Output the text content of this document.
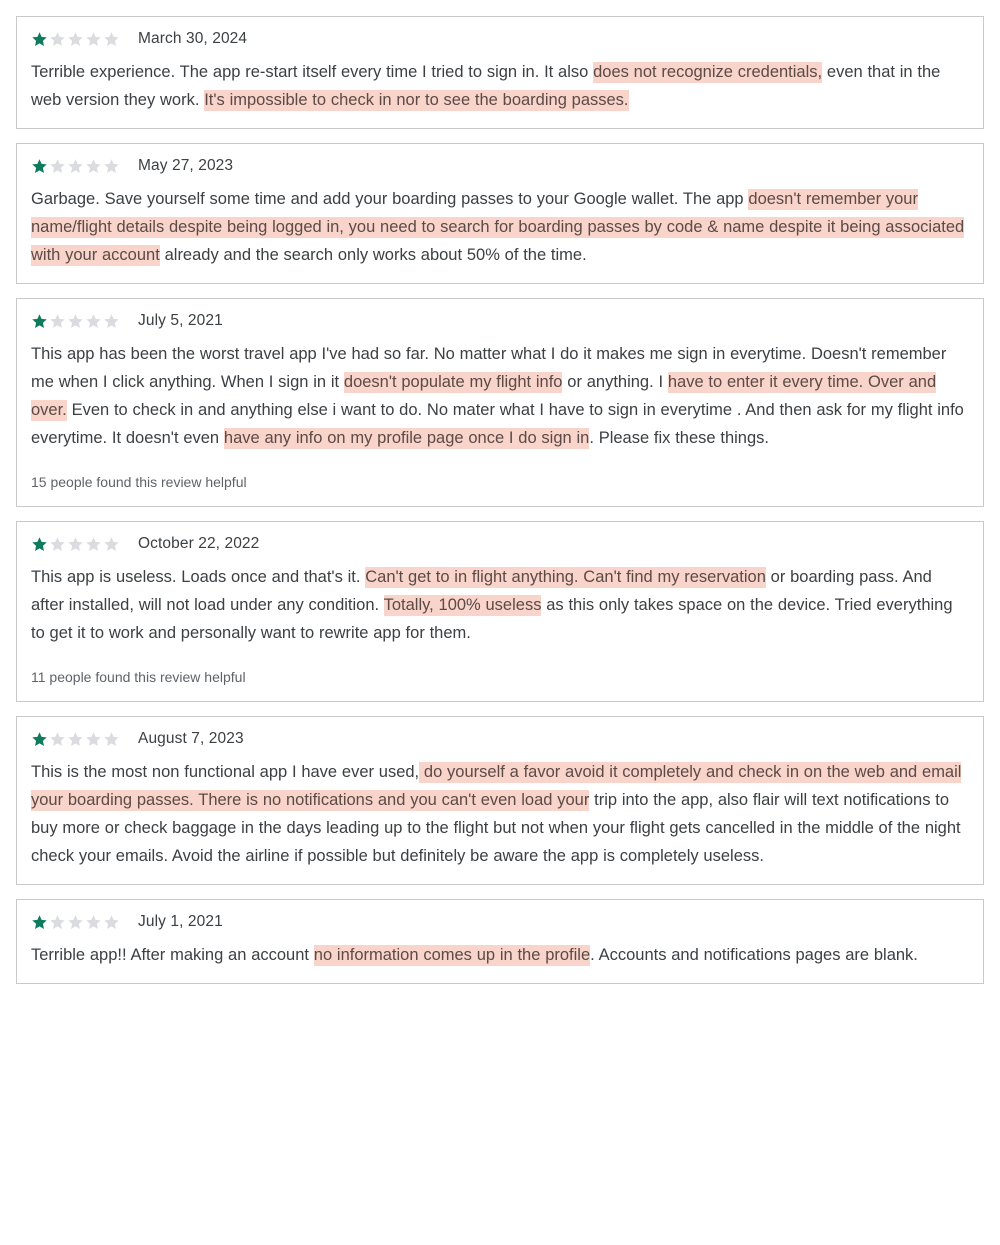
March 30, 2024
Terrible experience. The app re-start itself every time I tried to sign in. It also does not recognize credentials, even that in the web version they work. It's impossible to check in nor to see the boarding passes.
May 27, 2023
Garbage. Save yourself some time and add your boarding passes to your Google wallet. The app doesn't remember your name/flight details despite being logged in, you need to search for boarding passes by code & name despite it being associated with your account already and the search only works about 50% of the time.
July 5, 2021
This app has been the worst travel app I've had so far. No matter what I do it makes me sign in everytime. Doesn't remember me when I click anything. When I sign in it doesn't populate my flight info or anything. I have to enter it every time. Over and over. Even to check in and anything else i want to do. No mater what I have to sign in everytime . And then ask for my flight info everytime. It doesn't even have any info on my profile page once I do sign in. Please fix these things.
15 people found this review helpful
October 22, 2022
This app is useless. Loads once and that's it. Can't get to in flight anything. Can't find my reservation or boarding pass. And after installed, will not load under any condition. Totally, 100% useless as this only takes space on the device. Tried everything to get it to work and personally want to rewrite app for them.
11 people found this review helpful
August 7, 2023
This is the most non functional app I have ever used, do yourself a favor avoid it completely and check in on the web and email your boarding passes. There is no notifications and you can't even load your trip into the app, also flair will text notifications to buy more or check baggage in the days leading up to the flight but not when your flight gets cancelled in the middle of the night check your emails. Avoid the airline if possible but definitely be aware the app is completely useless.
July 1, 2021
Terrible app!! After making an account no information comes up in the profile. Accounts and notifications pages are blank.
